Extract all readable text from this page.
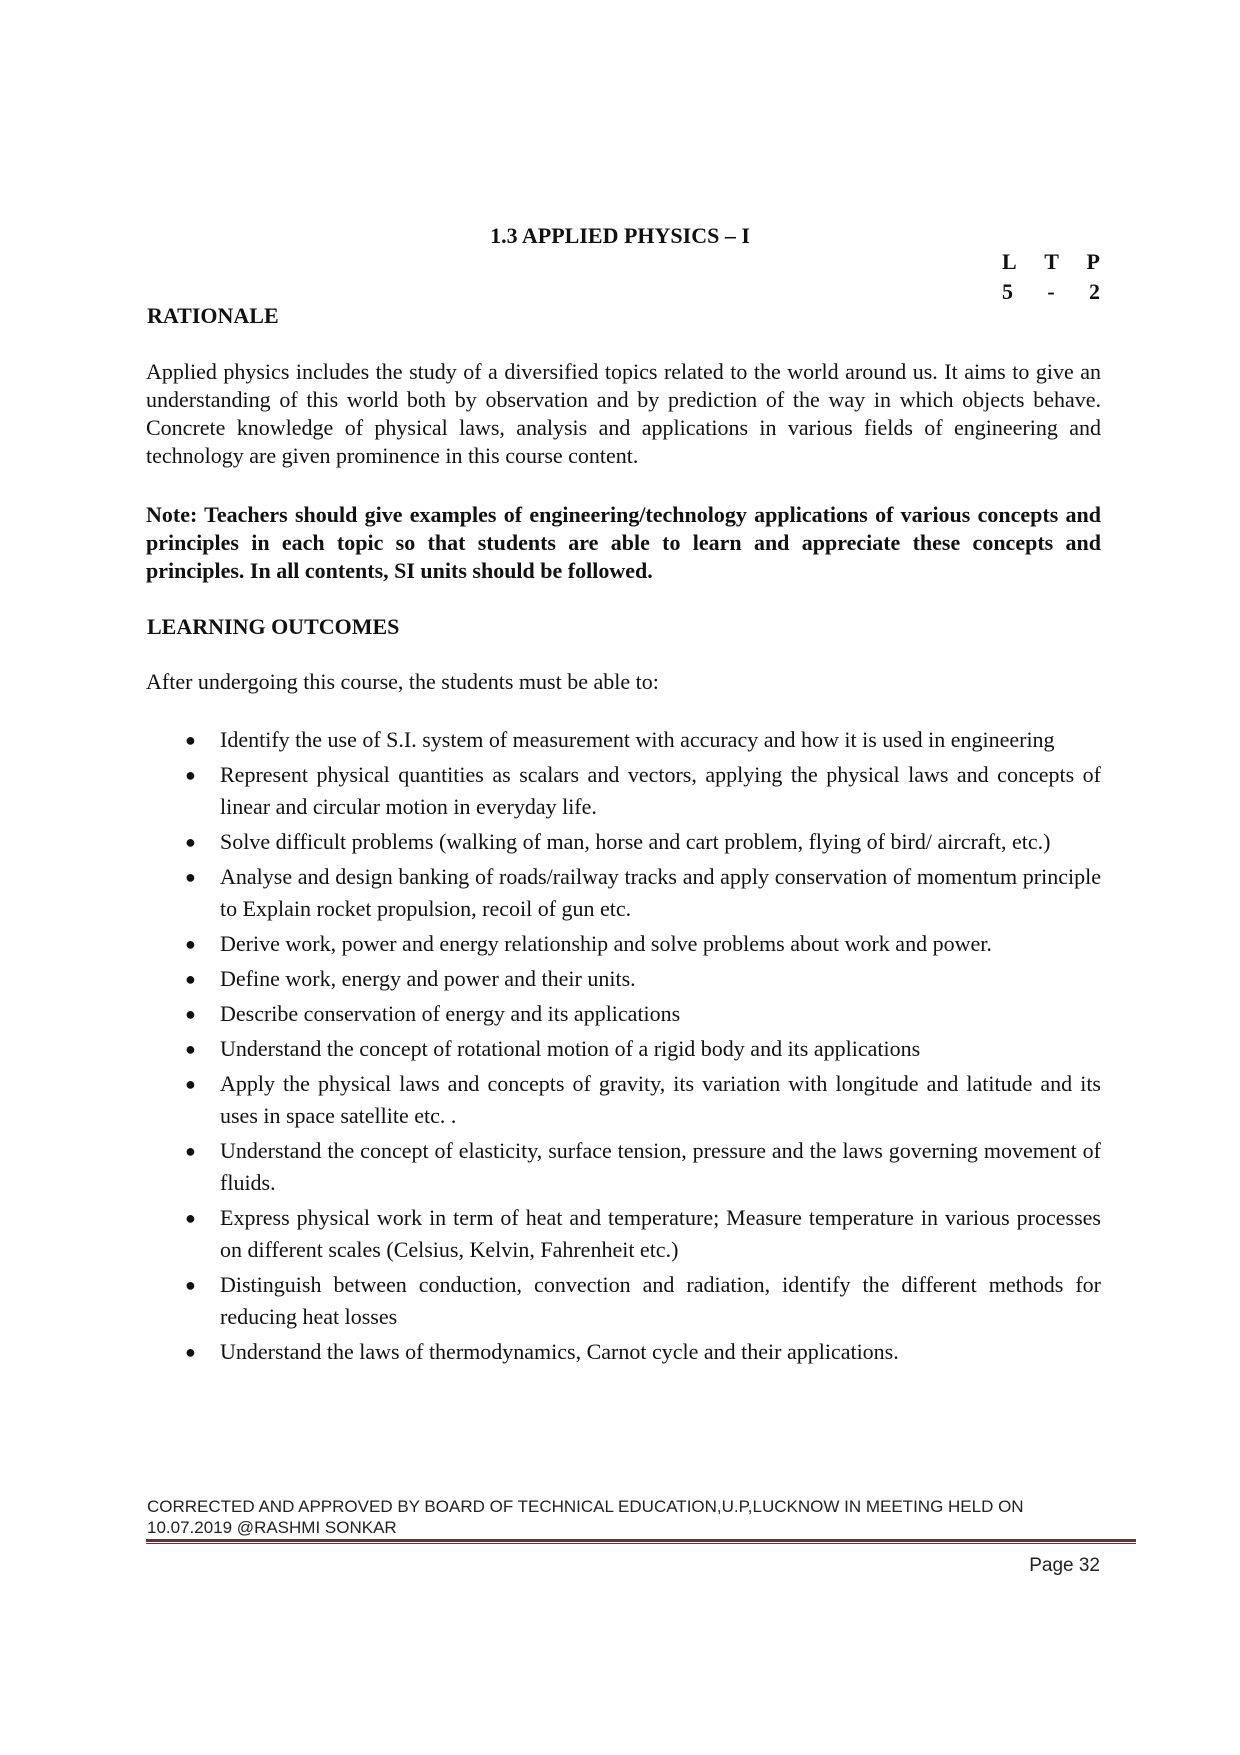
1.3 APPLIED PHYSICS – I
L T P
5 - 2
RATIONALE

Applied physics includes the study of a diversified topics related to the world around us. It aims to give an understanding of this world both by observation and by prediction of the way in which objects behave. Concrete knowledge of physical laws, analysis and applications in various fields of engineering and technology are given prominence in this course content.

Note: Teachers should give examples of engineering/technology applications of various concepts and principles in each topic so that students are able to learn and appreciate these concepts and principles. In all contents, SI units should be followed.

LEARNING OUTCOMES

After undergoing this course, the students must be able to:

● Identify the use of S.I. system of measurement with accuracy and how it is used in engineering
● Represent physical quantities as scalars and vectors, applying the physical laws and concepts of linear and circular motion in everyday life.
● Solve difficult problems (walking of man, horse and cart problem, flying of bird/ aircraft, etc.)
● Analyse and design banking of roads/railway tracks and apply conservation of momentum principle to Explain rocket propulsion, recoil of gun etc.
● Derive work, power and energy relationship and solve problems about work and power.
● Define work, energy and power and their units.
● Describe conservation of energy and its applications
● Understand the concept of rotational motion of a rigid body and its applications
● Apply the physical laws and concepts of gravity, its variation with longitude and latitude and its uses in space satellite etc. .
● Understand the concept of elasticity, surface tension, pressure and the laws governing movement of fluids.
● Express physical work in term of heat and temperature; Measure temperature in various processes on different scales (Celsius, Kelvin, Fahrenheit etc.)
● Distinguish between conduction, convection and radiation, identify the different methods for reducing heat losses
● Understand the laws of thermodynamics, Carnot cycle and their applications.
CORRECTED AND APPROVED BY BOARD OF TECHNICAL EDUCATION,U.P,LUCKNOW IN MEETING HELD ON 10.07.2019 @RASHMI SONKAR
Page 32
